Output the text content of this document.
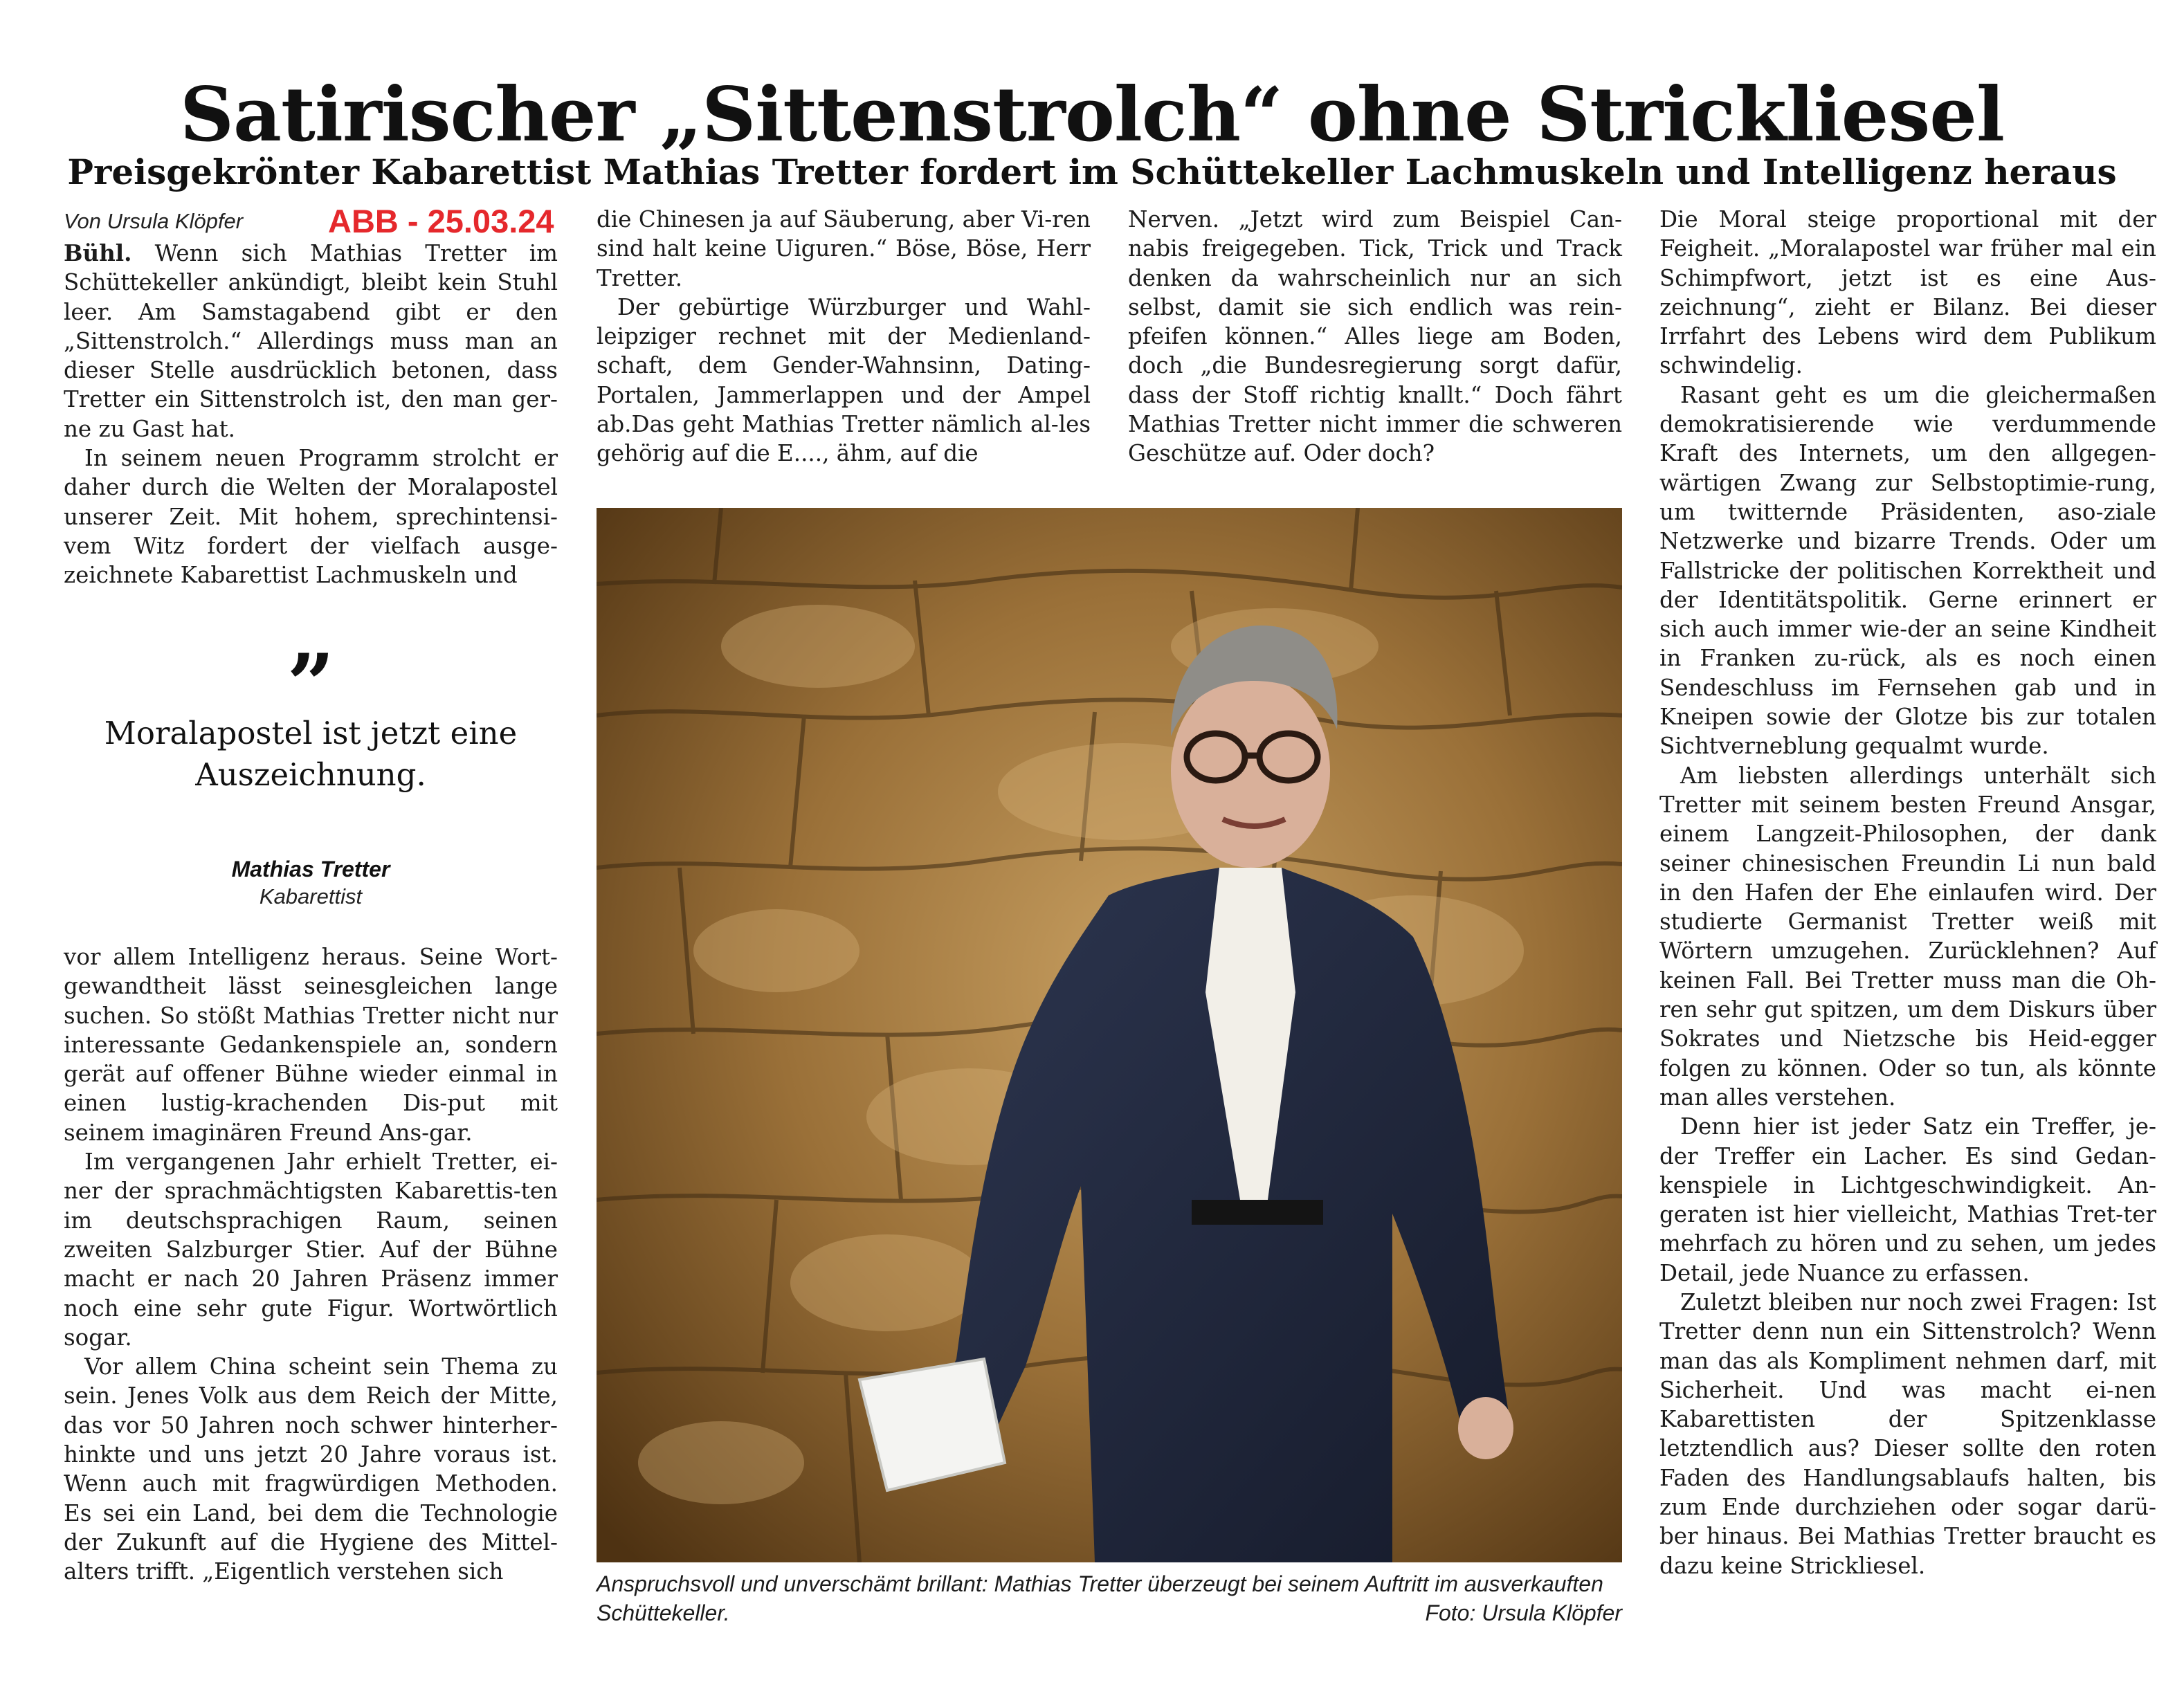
Satirischer „Sittenstrolch“ ohne Strickliesel
Preisgekrönter Kabarettist Mathias Tretter fordert im Schüttekeller Lachmuskeln und Intelligenz heraus
Von Ursula Klöpfer	ABB - 25.03.24

Bühl. Wenn sich Mathias Tretter im Schüttekeller ankündigt, bleibt kein Stuhl leer. Am Samstagabend gibt er den „Sittenstrolch.“ Allerdings muss man an dieser Stelle ausdrücklich betonen, dass Tretter ein Sittenstrolch ist, den man ger-ne zu Gast hat.

In seinem neuen Programm strolcht er daher durch die Welten der Moralapostel unserer Zeit. Mit hohem, sprechintensi-vem Witz fordert der vielfach ausge-zeichnete Kabarettist Lachmuskeln und

”
Moralapostel ist jetzt eine Auszeichnung.
Mathias Tretter
Kabarettist

vor allem Intelligenz heraus. Seine Wort-gewandtheit lässt seinesgleichen lange suchen. So stößt Mathias Tretter nicht nur interessante Gedankenspiele an, sondern gerät auf offener Bühne wieder einmal in einen lustig-krachenden Dis-put mit seinem imaginären Freund Ans-gar.

Im vergangenen Jahr erhielt Tretter, ei-ner der sprachmächtigsten Kabarettis-ten im deutschsprachigen Raum, seinen zweiten Salzburger Stier. Auf der Bühne macht er nach 20 Jahren Präsenz immer noch eine sehr gute Figur. Wortwörtlich sogar.

Vor allem China scheint sein Thema zu sein. Jenes Volk aus dem Reich der Mitte, das vor 50 Jahren noch schwer hinterher-hinkte und uns jetzt 20 Jahre voraus ist. Wenn auch mit fragwürdigen Methoden. Es sei ein Land, bei dem die Technologie der Zukunft auf die Hygiene des Mittel-alters trifft. „Eigentlich verstehen sich

die Chinesen ja auf Säuberung, aber Vi-ren sind halt keine Uiguren.“ Böse, Böse, Herr Tretter.

Der gebürtige Würzburger und Wahl-leipziger rechnet mit der Medienland-schaft, dem Gender-Wahnsinn, Dating-Portalen, Jammerlappen und der Ampel ab.Das geht Mathias Tretter nämlich al-les gehörig auf die E...., ähm, auf die

Nerven. „Jetzt wird zum Beispiel Can-nabis freigegeben. Tick, Trick und Track denken da wahrscheinlich nur an sich selbst, damit sie sich endlich was rein-pfeifen können.“ Alles liege am Boden, doch „die Bundesregierung sorgt dafür, dass der Stoff richtig knallt.“ Doch fährt Mathias Tretter nicht immer die schweren Geschütze auf. Oder doch?

Anspruchsvoll und unverschämt brillant: Mathias Tretter überzeugt bei seinem Auftritt im ausverkauften Schüttekeller.	Foto: Ursula Klöpfer

Die Moral steige proportional mit der Feigheit. „Moralapostel war früher mal ein Schimpfwort, jetzt ist es eine Aus-zeichnung“, zieht er Bilanz. Bei dieser Irrfahrt des Lebens wird dem Publikum schwindelig.

Rasant geht es um die gleichermaßen demokratisierende wie verdummende Kraft des Internets, um den allgegen-wärtigen Zwang zur Selbstoptimie-rung, um twitternde Präsidenten, aso-ziale Netzwerke und bizarre Trends. Oder um Fallstricke der politischen Korrektheit und der Identitätspolitik. Gerne erinnert er sich auch immer wie-der an seine Kindheit in Franken zu-rück, als es noch einen Sendeschluss im Fernsehen gab und in Kneipen sowie der Glotze bis zur totalen Sichtverneblung gequalmt wurde.

Am liebsten allerdings unterhält sich Tretter mit seinem besten Freund Ansgar, einem Langzeit-Philosophen, der dank seiner chinesischen Freundin Li nun bald in den Hafen der Ehe einlaufen wird. Der studierte Germanist Tretter weiß mit Wörtern umzugehen. Zurücklehnen? Auf keinen Fall. Bei Tretter muss man die Oh-ren sehr gut spitzen, um dem Diskurs über Sokrates und Nietzsche bis Heid-egger folgen zu können. Oder so tun, als könnte man alles verstehen.

Denn hier ist jeder Satz ein Treffer, je-der Treffer ein Lacher. Es sind Gedan-kenspiele in Lichtgeschwindigkeit. An-geraten ist hier vielleicht, Mathias Tret-ter mehrfach zu hören und zu sehen, um jedes Detail, jede Nuance zu erfassen.

Zuletzt bleiben nur noch zwei Fragen: Ist Tretter denn nun ein Sittenstrolch? Wenn man das als Kompliment nehmen darf, mit Sicherheit. Und was macht ei-nen Kabarettisten der Spitzenklasse letztendlich aus? Dieser sollte den roten Faden des Handlungsablaufs halten, bis zum Ende durchziehen oder sogar darü-ber hinaus. Bei Mathias Tretter braucht es dazu keine Strickliesel.
